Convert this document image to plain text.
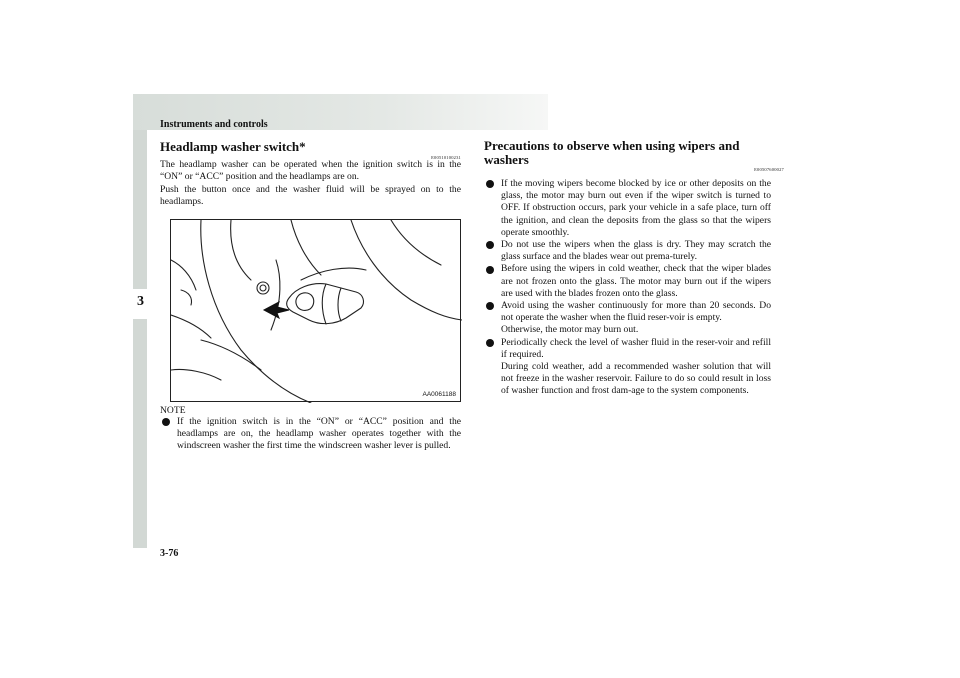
Instruments and controls
3
Headlamp washer switch*
E00510100231
The headlamp washer can be operated when the ignition switch is in the “ON” or “ACC” position and the headlamps are on.
Push the button once and the washer fluid will be sprayed on to the headlamps.
AA0061188
NOTE
If the ignition switch is in the “ON” or “ACC” position and the headlamps are on, the headlamp washer operates together with the windscreen washer the first time the windscreen washer lever is pulled.
Precautions to observe when using wipers and
washers
E00507600027
If the moving wipers become blocked by ice or other deposits on the glass, the motor may burn out even if the wiper switch is turned to OFF. If obstruction occurs, park your vehicle in a safe place, turn off the ignition, and clean the deposits from the glass so that the wipers operate smoothly.
Do not use the wipers when the glass is dry. They may scratch the glass surface and the blades wear out prema-turely.
Before using the wipers in cold weather, check that the wiper blades are not frozen onto the glass. The motor may burn out if the wipers are used with the blades frozen onto the glass.
Avoid using the washer continuously for more than 20 seconds. Do not operate the washer when the fluid reser-voir is empty.
Otherwise, the motor may burn out.
Periodically check the level of washer fluid in the reser-voir and refill if required.
During cold weather, add a recommended washer solution that will not freeze in the washer reservoir. Failure to do so could result in loss of washer function and frost dam-age to the system components.
3-76
